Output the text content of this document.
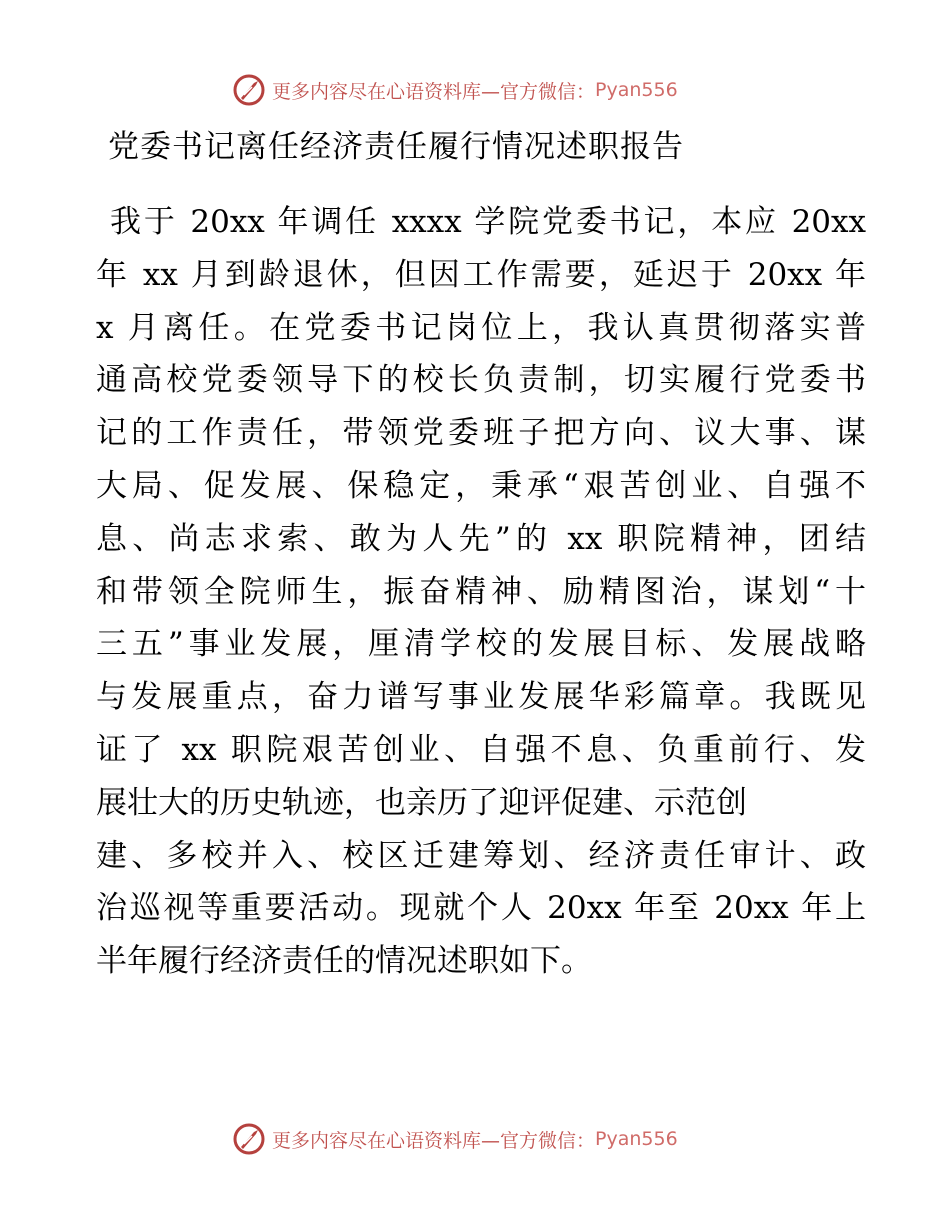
更多内容尽在心语资料库—官方微信： Pyan556
党委书记离任经济责任履行情况述职报告
我于 20xx 年调任 xxxx 学院党委书记，本应 20xx
年 xx 月到龄退休，但因工作需要，延迟于 20xx 年
x 月离任。在党委书记岗位上，我认真贯彻落实普
通高校党委领导下的校长负责制，切实履行党委书
记的工作责任，带领党委班子把方向、议大事、谋
大局、促发展、保稳定，秉承“艰苦创业、自强不
息、尚志求索、敢为人先”的 xx 职院精神，团结
和带领全院师生，振奋精神、励精图治，谋划“十
三五”事业发展，厘清学校的发展目标、发展战略
与发展重点，奋力谱写事业发展华彩篇章。我既见
证了 xx 职院艰苦创业、自强不息、负重前行、发
展壮大的历史轨迹，也亲历了迎评促建、示范创
建、多校并入、校区迁建筹划、经济责任审计、政
治巡视等重要活动。现就个人 20xx 年至 20xx 年上
半年履行经济责任的情况述职如下。
更多内容尽在心语资料库—官方微信： Pyan556
